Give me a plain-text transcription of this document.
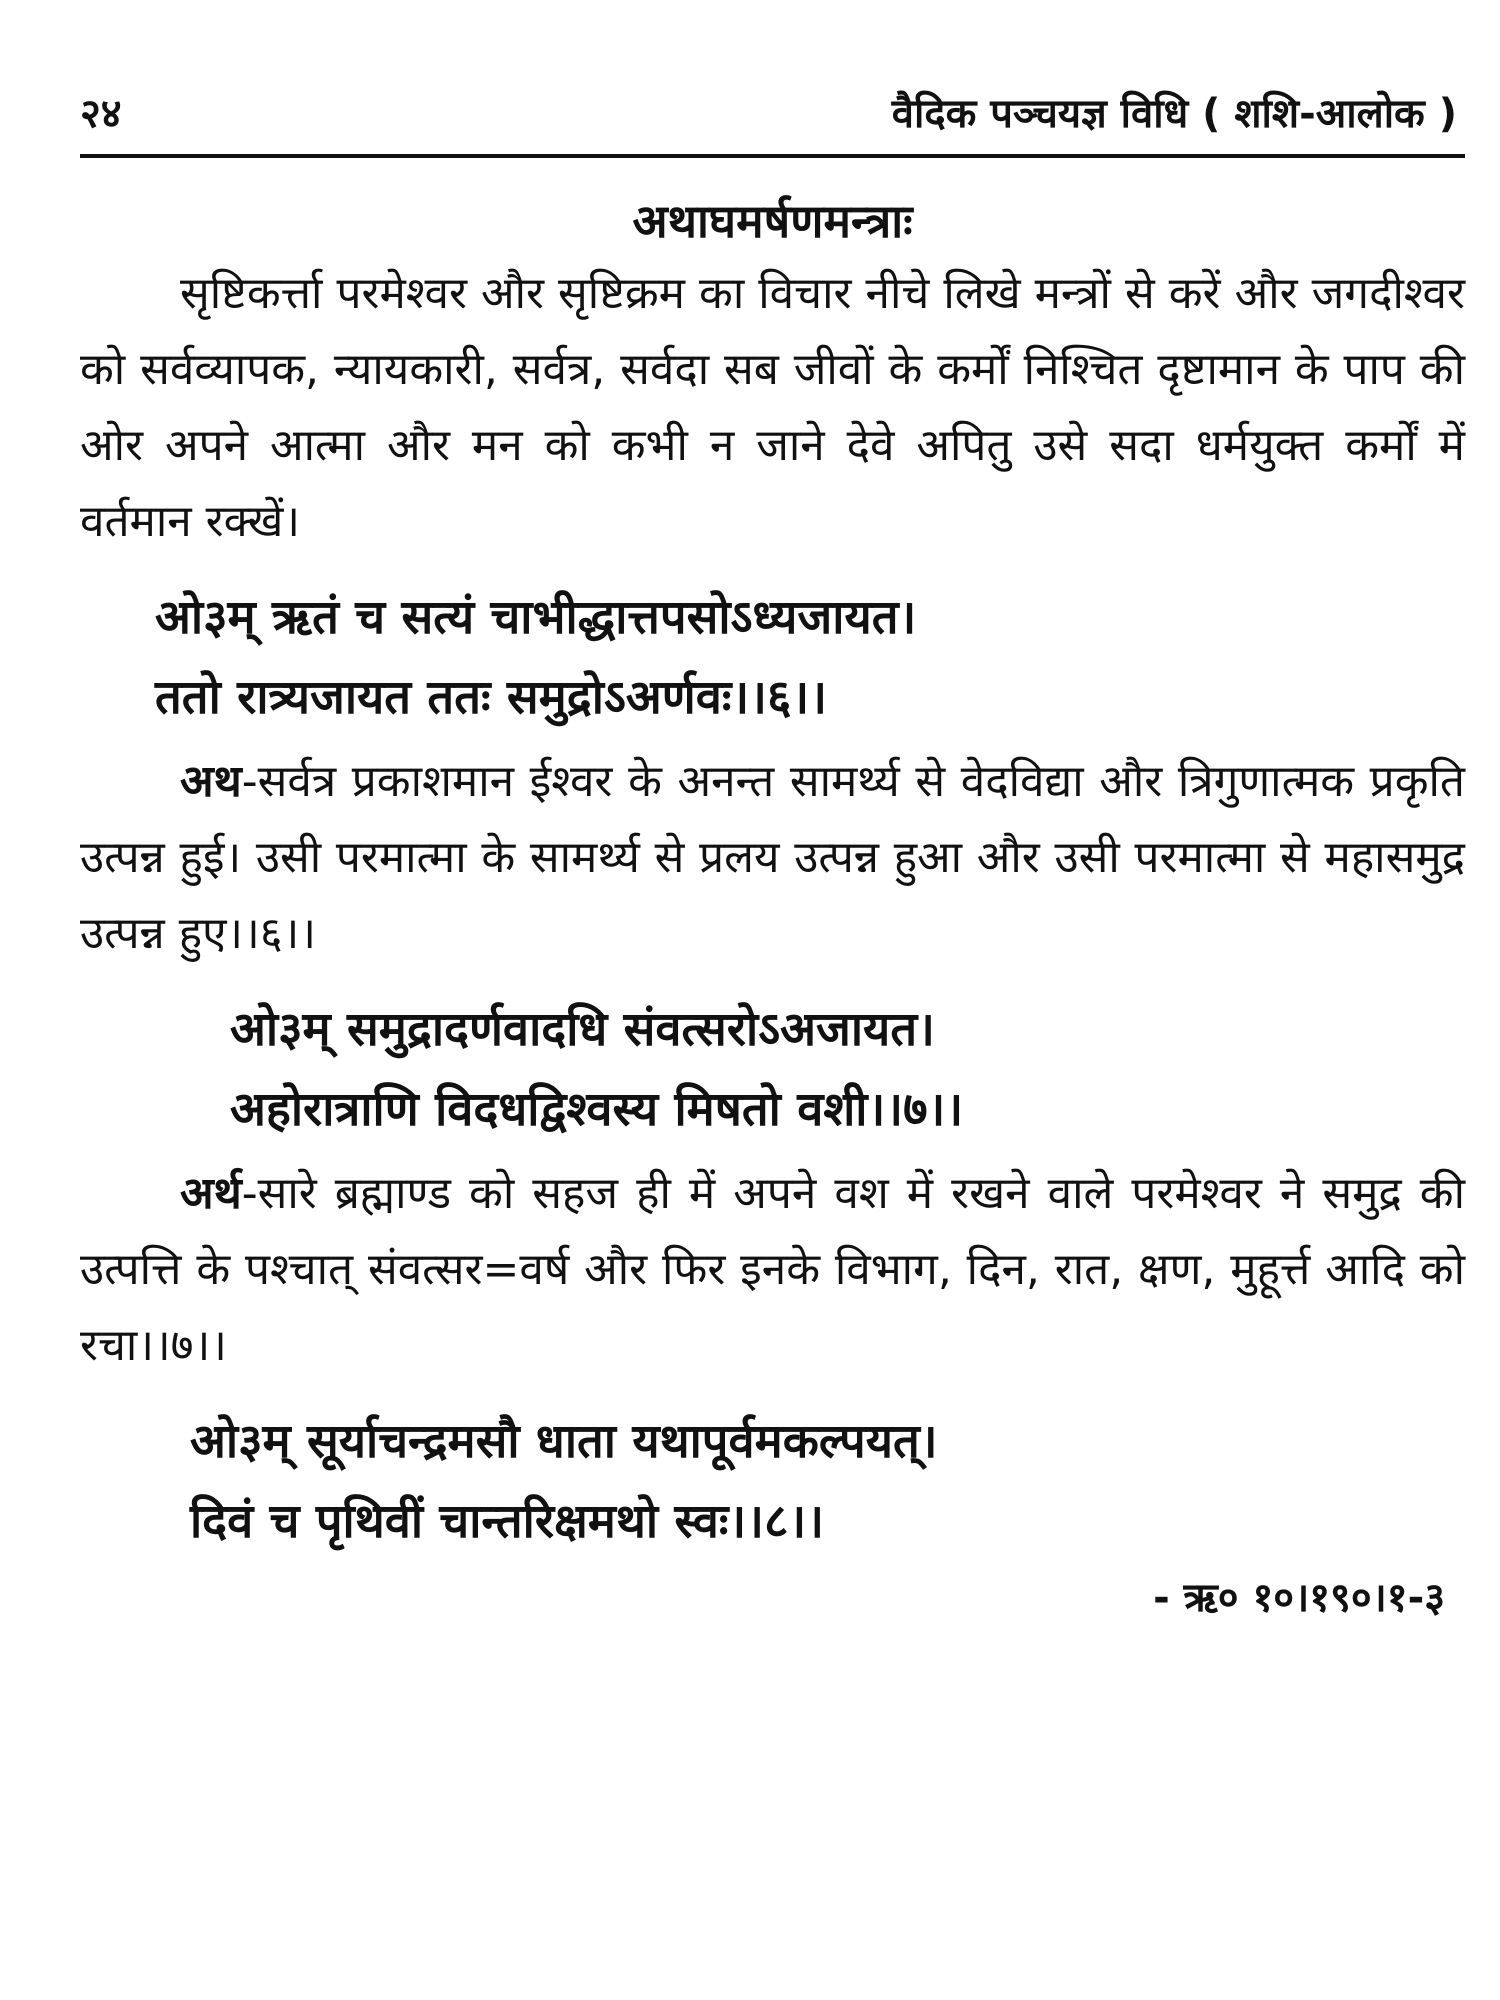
२४	वैदिक पञ्चयज्ञ विधि ( शशि-आलोक )
अथाघमर्षणमन्त्राः

सृष्टिकर्त्ता परमेश्वर और सृष्टिक्रम का विचार नीचे लिखे मन्त्रों से करें और जगदीश्वर को सर्वव्यापक, न्यायकारी, सर्वत्र, सर्वदा सब जीवों के कर्मों निश्चित दृष्टामान के पाप की ओर अपने आत्मा और मन को कभी न जाने देवे अपितु उसे सदा धर्मयुक्त कर्मों में वर्तमान रक्खें।

ओ३म् ऋतं च सत्यं चाभीद्धात्तपसोऽध्यजायत।
ततो रात्र्यजायत ततः समुद्रोऽअर्णवः।।६।।

अथ-सर्वत्र प्रकाशमान ईश्वर के अनन्त सामर्थ्य से वेदविद्या और त्रिगुणात्मक प्रकृति उत्पन्न हुई। उसी परमात्मा के सामर्थ्य से प्रलय उत्पन्न हुआ और उसी परमात्मा से महासमुद्र उत्पन्न हुए।।६।।

ओ३म् समुद्रादर्णवादधि संवत्सरोऽअजायत।
अहोरात्राणि विदधद्विश्वस्य मिषतो वशी।।७।।

अर्थ-सारे ब्रह्माण्ड को सहज ही में अपने वश में रखने वाले परमेश्वर ने समुद्र की उत्पत्ति के पश्चात् संवत्सर=वर्ष और फिर इनके विभाग, दिन, रात, क्षण, मुहूर्त्त आदि को रचा।।७।।

ओ३म् सूर्याचन्द्रमसौ धाता यथापूर्वमकल्पयत्।
दिवं च पृथिवीं चान्तरिक्षमथो स्वः।।८।।
- ऋ० १०।१९०।१-३
